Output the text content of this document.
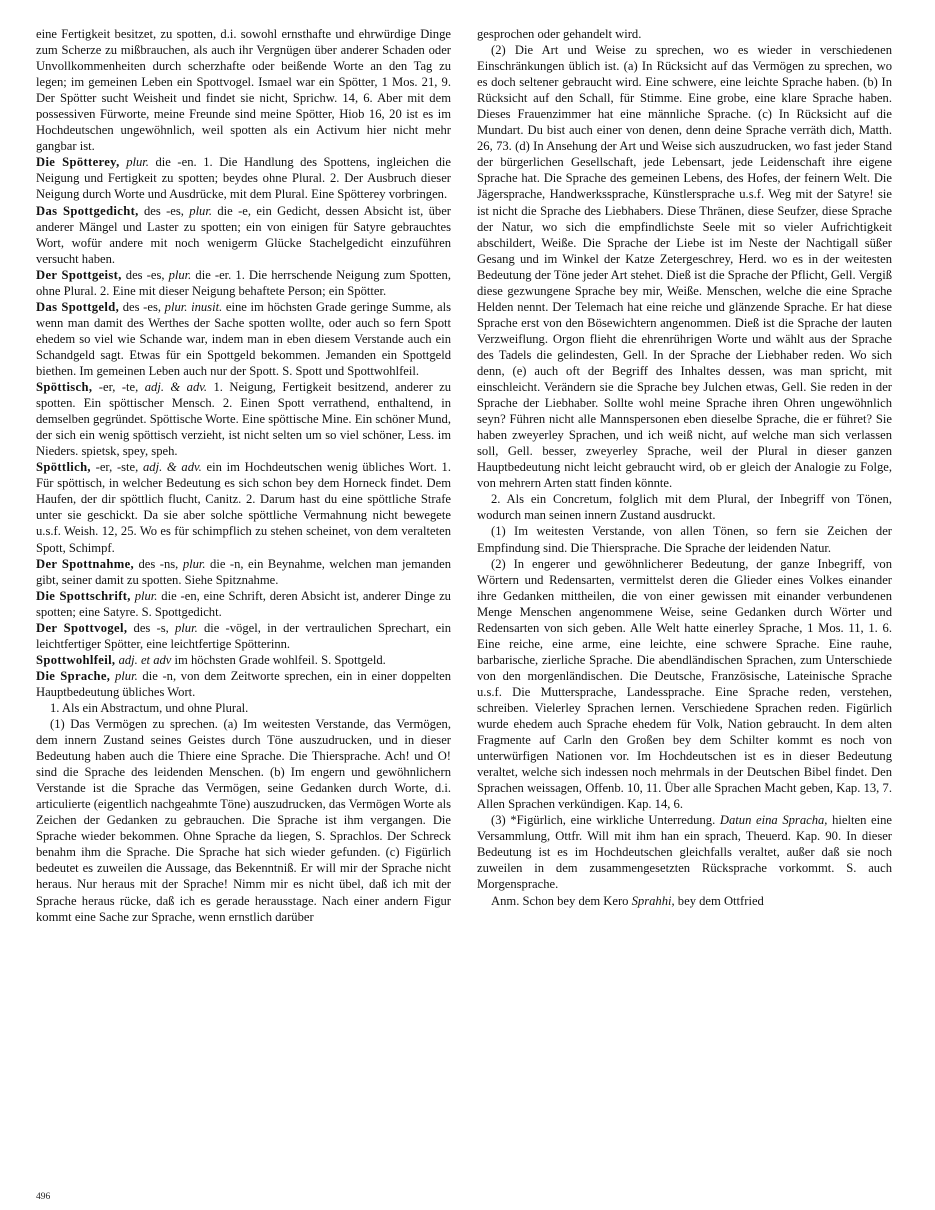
eine Fertigkeit besitzet, zu spotten, d.i. sowohl ernsthafte und ehrwürdige Dinge zum Scherze zu mißbrauchen, als auch ihr Vergnügen über anderer Schaden oder Unvollkommenheiten durch scherzhafte oder beißende Worte an den Tag zu legen; im gemeinen Leben ein Spottvogel. Ismael war ein Spötter, 1 Mos. 21, 9. Der Spötter sucht Weisheit und findet sie nicht, Sprichw. 14, 6. Aber mit dem possessiven Fürworte, meine Freunde sind meine Spötter, Hiob 16, 20 ist es im Hochdeutschen ungewöhnlich, weil spotten als ein Activum hier nicht mehr gangbar ist.

Die Spötterey, plur. die -en. 1. Die Handlung des Spottens, ingleichen die Neigung und Fertigkeit zu spotten; beydes ohne Plural. 2. Der Ausbruch dieser Neigung durch Worte und Ausdrücke, mit dem Plural. Eine Spötterey vorbringen.

Das Spottgedicht, des -es, plur. die -e, ein Gedicht, dessen Absicht ist, über anderer Mängel und Laster zu spotten; ein von einigen für Satyre gebrauchtes Wort, wofür andere mit noch wenigerm Glücke Stachelgedicht einzuführen versucht haben.

Der Spottgeist, des -es, plur. die -er. 1. Die herrschende Neigung zum Spotten, ohne Plural. 2. Eine mit dieser Neigung behaftete Person; ein Spötter.

Das Spottgeld, des -es, plur. inusit. eine im höchsten Grade geringe Summe, als wenn man damit des Werthes der Sache spotten wollte, oder auch so fern Spott ehedem so viel wie Schande war, indem man in eben diesem Verstande auch ein Schandgeld sagt. Etwas für ein Spottgeld bekommen. Jemanden ein Spottgeld biethen. Im gemeinen Leben auch nur der Spott. S. Spott und Spottwohlfeil.

Spöttisch, -er, -te, adj. & adv. 1. Neigung, Fertigkeit besitzend, anderer zu spotten. Ein spöttischer Mensch. 2. Einen Spott verrathend, enthaltend, in demselben gegründet. Spöttische Worte. Eine spöttische Mine. Ein schöner Mund, der sich ein wenig spöttisch verzieht, ist nicht selten um so viel schöner, Less. im Nieders. spietsk, spey, speh.

Spöttlich, -er, -ste, adj. & adv. ein im Hochdeutschen wenig übliches Wort. 1. Für spöttisch, in welcher Bedeutung es sich schon bey dem Horneck findet. Dem Haufen, der dir spöttlich flucht, Canitz. 2. Darum hast du eine spöttliche Strafe unter sie geschickt. Da sie aber solche spöttliche Vermahnung nicht bewegete u.s.f. Weish. 12, 25. Wo es für schimpflich zu stehen scheinet, von dem veralteten Spott, Schimpf.

Der Spottnahme, des -ns, plur. die -n, ein Beynahme, welchen man jemanden gibt, seiner damit zu spotten. Siehe Spitznahme.

Die Spottschrift, plur. die -en, eine Schrift, deren Absicht ist, anderer Dinge zu spotten; eine Satyre. S. Spottgedicht.

Der Spottvogel, des -s, plur. die -vögel, in der vertraulichen Sprechart, ein leichtfertiger Spötter, eine leichtfertige Spötterinn.

Spottwohlfeil, adj. et adv im höchsten Grade wohlfeil. S. Spottgeld.

Die Sprache, plur. die -n, von dem Zeitworte sprechen, ein in einer doppelten Hauptbedeutung übliches Wort.

1. Als ein Abstractum, und ohne Plural.

(1) Das Vermögen zu sprechen. (a) Im weitesten Verstande, das Vermögen, dem innern Zustand seines Geistes durch Töne auszudrucken, und in dieser Bedeutung haben auch die Thiere eine Sprache. Die Thiersprache. Ach! und O! sind die Sprache des leidenden Menschen. (b) Im engern und gewöhnlichern Verstande ist die Sprache das Vermögen, seine Gedanken durch Worte, d.i. articulierte (eigentlich nachgeahmte Töne) auszudrucken, das Vermögen Worte als Zeichen der Gedanken zu gebrauchen. Die Sprache ist ihm vergangen. Die Sprache wieder bekommen. Ohne Sprache da liegen, S. Sprachlos. Der Schreck benahm ihm die Sprache. Die Sprache hat sich wieder gefunden. (c) Figürlich bedeutet es zuweilen die Aussage, das Bekenntniß. Er will mir der Sprache nicht heraus. Nur heraus mit der Sprache! Nimm mir es nicht übel, daß ich mit der Sprache heraus rücke, daß ich es gerade herausstage. Nach einer andern Figur kommt eine Sache zur Sprache, wenn ernstlich darüber

gesprochen oder gehandelt wird.

(2) Die Art und Weise zu sprechen, wo es wieder in verschiedenen Einschränkungen üblich ist. (a) In Rücksicht auf das Vermögen zu sprechen, wo es doch seltener gebraucht wird. Eine schwere, eine leichte Sprache haben. (b) In Rücksicht auf den Schall, für Stimme. Eine grobe, eine klare Sprache haben. Dieses Frauenzimmer hat eine männliche Sprache. (c) In Rücksicht auf die Mundart. Du bist auch einer von denen, denn deine Sprache verräth dich, Matth. 26, 73. (d) In Ansehung der Art und Weise sich auszudrucken, wo fast jeder Stand der bürgerlichen Gesellschaft, jede Lebensart, jede Leidenschaft ihre eigene Sprache hat. Die Sprache des gemeinen Lebens, des Hofes, der feinern Welt. Die Jägersprache, Handwerkssprache, Künstlersprache u.s.f. Weg mit der Satyre! sie ist nicht die Sprache des Liebhabers. Diese Thränen, diese Seufzer, diese Sprache der Natur, wo sich die empfindlichste Seele mit so vieler Aufrichtigkeit abschildert, Weiße. Die Sprache der Liebe ist im Neste der Nachtigall süßer Gesang und im Winkel der Katze Zetergeschrey, Herd. wo es in der weitesten Bedeutung der Töne jeder Art stehet. Dieß ist die Sprache der Pflicht, Gell. Vergiß diese gezwungene Sprache bey mir, Weiße. Menschen, welche die eine Sprache Helden nennt. Der Telemach hat eine reiche und glänzende Sprache. Er hat diese Sprache erst von den Bösewichtern angenommen. Dieß ist die Sprache der lauten Verzweiflung. Orgon flieht die ehrenrührigen Worte und wählt aus der Sprache des Tadels die gelindesten, Gell. In der Sprache der Liebhaber reden. Wo sich denn, (e) auch oft der Begriff des Inhaltes dessen, was man spricht, mit einschleicht. Verändern sie die Sprache bey Julchen etwas, Gell. Sie reden in der Sprache der Liebhaber. Sollte wohl meine Sprache ihren Ohren ungewöhnlich seyn? Führen nicht alle Mannspersonen eben dieselbe Sprache, die er führet? Sie haben zweyerley Sprachen, und ich weiß nicht, auf welche man sich verlassen soll, Gell. besser, zweyerley Sprache, weil der Plural in dieser ganzen Hauptbedeutung nicht leicht gebraucht wird, ob er gleich der Analogie zu Folge, von mehrern Arten statt finden könnte.

2. Als ein Concretum, folglich mit dem Plural, der Inbegriff von Tönen, wodurch man seinen innern Zustand ausdruckt.

(1) Im weitesten Verstande, von allen Tönen, so fern sie Zeichen der Empfindung sind. Die Thiersprache. Die Sprache der leidenden Natur.

(2) In engerer und gewöhnlicherer Bedeutung, der ganze Inbegriff, von Wörtern und Redensarten, vermittelst deren die Glieder eines Volkes einander ihre Gedanken mittheilen, die von einer gewissen mit einander verbundenen Menge Menschen angenommene Weise, seine Gedanken durch Wörter und Redensarten von sich geben. Alle Welt hatte einerley Sprache, 1 Mos. 11, 1. 6. Eine reiche, eine arme, eine leichte, eine schwere Sprache. Eine rauhe, barbarische, zierliche Sprache. Die abendländischen Sprachen, zum Unterschiede von den morgenländischen. Die Deutsche, Französische, Lateinische Sprache u.s.f. Die Muttersprache, Landessprache. Eine Sprache reden, verstehen, schreiben. Vielerley Sprachen lernen. Verschiedene Sprachen reden. Figürlich wurde ehedem auch Sprache ehedem für Volk, Nation gebraucht. In dem alten Fragmente auf Carln den Großen bey dem Schilter kommt es noch von unterwürfigen Nationen vor. Im Hochdeutschen ist es in dieser Bedeutung veraltet, welche sich indessen noch mehrmals in der Deutschen Bibel findet. Den Sprachen weissagen, Offenb. 10, 11. Über alle Sprachen Macht geben, Kap. 13, 7. Allen Sprachen verkündigen. Kap. 14, 6.

(3) *Figürlich, eine wirkliche Unterredung. Datun eina Spracha, hielten eine Versammlung, Ottfr. Will mit ihm han ein sprach, Theuerd. Kap. 90. In dieser Bedeutung ist es im Hochdeutschen gleichfalls veraltet, außer daß sie noch zuweilen in dem zusammengesetzten Rücksprache vorkommt. S. auch Morgensprache.

Anm. Schon bey dem Kero Sprahhi, bey dem Ottfried

496
